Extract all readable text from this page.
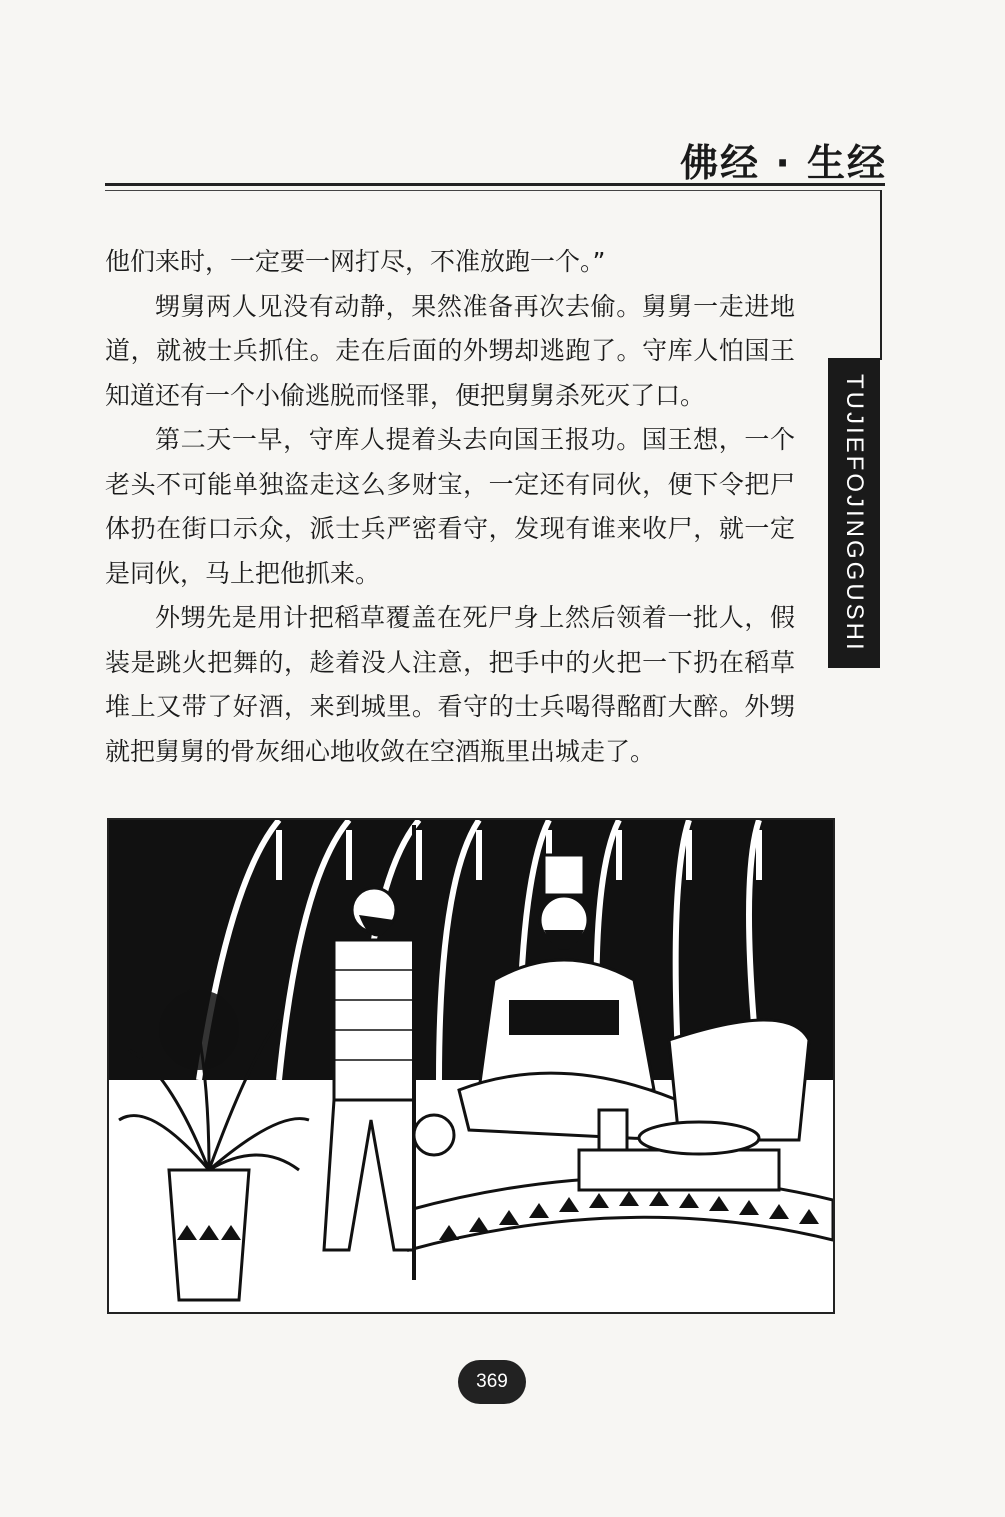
佛经 · 生经
TUJIEFOJINGGUSHI

他们来时，一定要一网打尽，不准放跑一个。”

甥舅两人见没有动静，果然准备再次去偷。舅舅一走进地道，就被士兵抓住。走在后面的外甥却逃跑了。守库人怕国王知道还有一个小偷逃脱而怪罪，便把舅舅杀死灭了口。

第二天一早，守库人提着头去向国王报功。国王想，一个老头不可能单独盗走这么多财宝，一定还有同伙，便下令把尸体扔在街口示众，派士兵严密看守，发现有谁来收尸，就一定是同伙，马上把他抓来。

外甥先是用计把稻草覆盖在死尸身上然后领着一批人，假装是跳火把舞的，趁着没人注意，把手中的火把一下扔在稻草堆上又带了好酒，来到城里。看守的士兵喝得酩酊大醉。外甥就把舅舅的骨灰细心地收敛在空酒瓶里出城走了。

369
